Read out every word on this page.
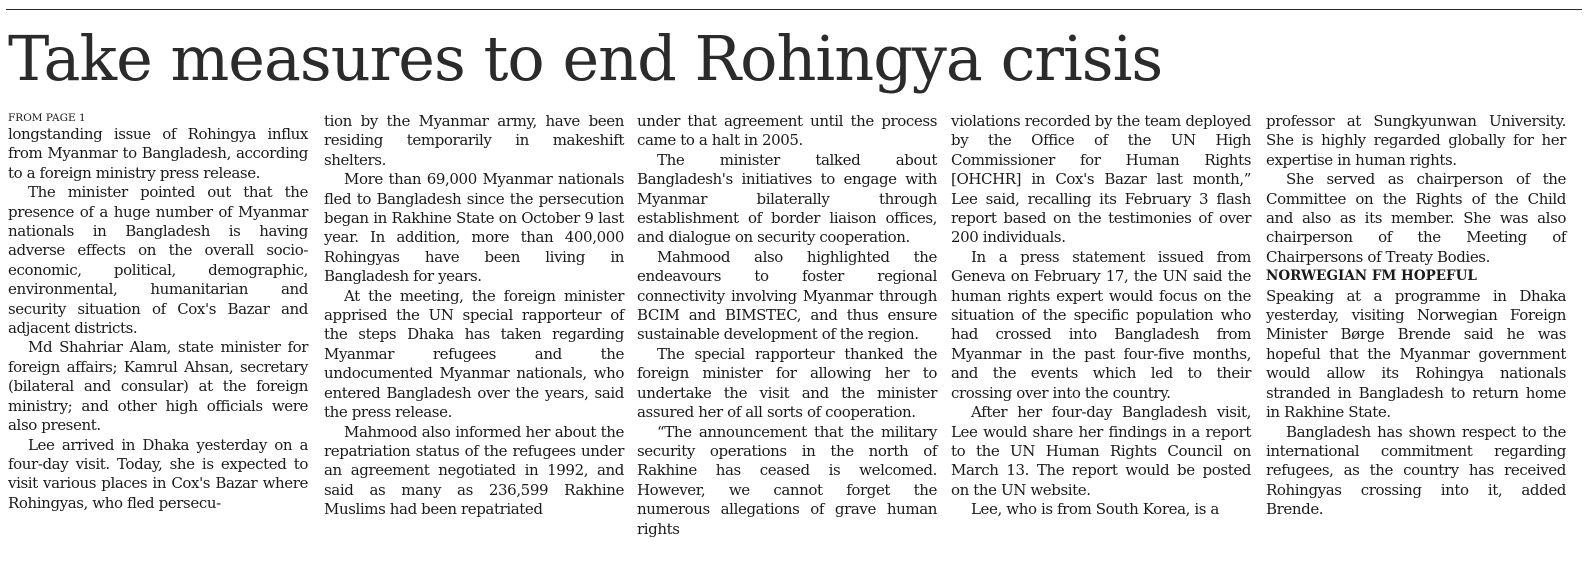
Take measures to end Rohingya crisis
FROM PAGE 1

longstanding issue of Rohingya influx from Myanmar to Bangladesh, according to a foreign ministry press release.

The minister pointed out that the presence of a huge number of Myanmar nationals in Bangladesh is having adverse effects on the overall socio-economic, political, demographic, environmental, humanitarian and security situation of Cox's Bazar and adjacent districts.

Md Shahriar Alam, state minister for foreign affairs; Kamrul Ahsan, secretary (bilateral and consular) at the foreign ministry; and other high officials were also present.

Lee arrived in Dhaka yesterday on a four-day visit. Today, she is expected to visit various places in Cox's Bazar where Rohingyas, who fled persecu-

tion by the Myanmar army, have been residing temporarily in makeshift shelters.

More than 69,000 Myanmar nationals fled to Bangladesh since the persecution began in Rakhine State on October 9 last year. In addition, more than 400,000 Rohingyas have been living in Bangladesh for years.

At the meeting, the foreign minister apprised the UN special rapporteur of the steps Dhaka has taken regarding Myanmar refugees and the undocumented Myanmar nationals, who entered Bangladesh over the years, said the press release.

Mahmood also informed her about the repatriation status of the refugees under an agreement negotiated in 1992, and said as many as 236,599 Rakhine Muslims had been repatriated

under that agreement until the process came to a halt in 2005.

The minister talked about Bangladesh's initiatives to engage with Myanmar bilaterally through establishment of border liaison offices, and dialogue on security cooperation.

Mahmood also highlighted the endeavours to foster regional connectivity involving Myanmar through BCIM and BIMSTEC, and thus ensure sustainable development of the region.

The special rapporteur thanked the foreign minister for allowing her to undertake the visit and the minister assured her of all sorts of cooperation.

“The announcement that the military security operations in the north of Rakhine has ceased is welcomed. However, we cannot forget the numerous allegations of grave human rights

violations recorded by the team deployed by the Office of the UN High Commissioner for Human Rights [OHCHR] in Cox's Bazar last month,” Lee said, recalling its February 3 flash report based on the testimonies of over 200 individuals.

In a press statement issued from Geneva on February 17, the UN said the human rights expert would focus on the situation of the specific population who had crossed into Bangladesh from Myanmar in the past four-five months, and the events which led to their crossing over into the country.

After her four-day Bangladesh visit, Lee would share her findings in a report to the UN Human Rights Council on March 13. The report would be posted on the UN website.

Lee, who is from South Korea, is a

professor at Sungkyunwan University. She is highly regarded globally for her expertise in human rights.

She served as chairperson of the Committee on the Rights of the Child and also as its member. She was also chairperson of the Meeting of Chairpersons of Treaty Bodies.

NORWEGIAN FM HOPEFUL

Speaking at a programme in Dhaka yesterday, visiting Norwegian Foreign Minister Børge Brende said he was hopeful that the Myanmar government would allow its Rohingya nationals stranded in Bangladesh to return home in Rakhine State.

Bangladesh has shown respect to the international commitment regarding refugees, as the country has received Rohingyas crossing into it, added Brende.
